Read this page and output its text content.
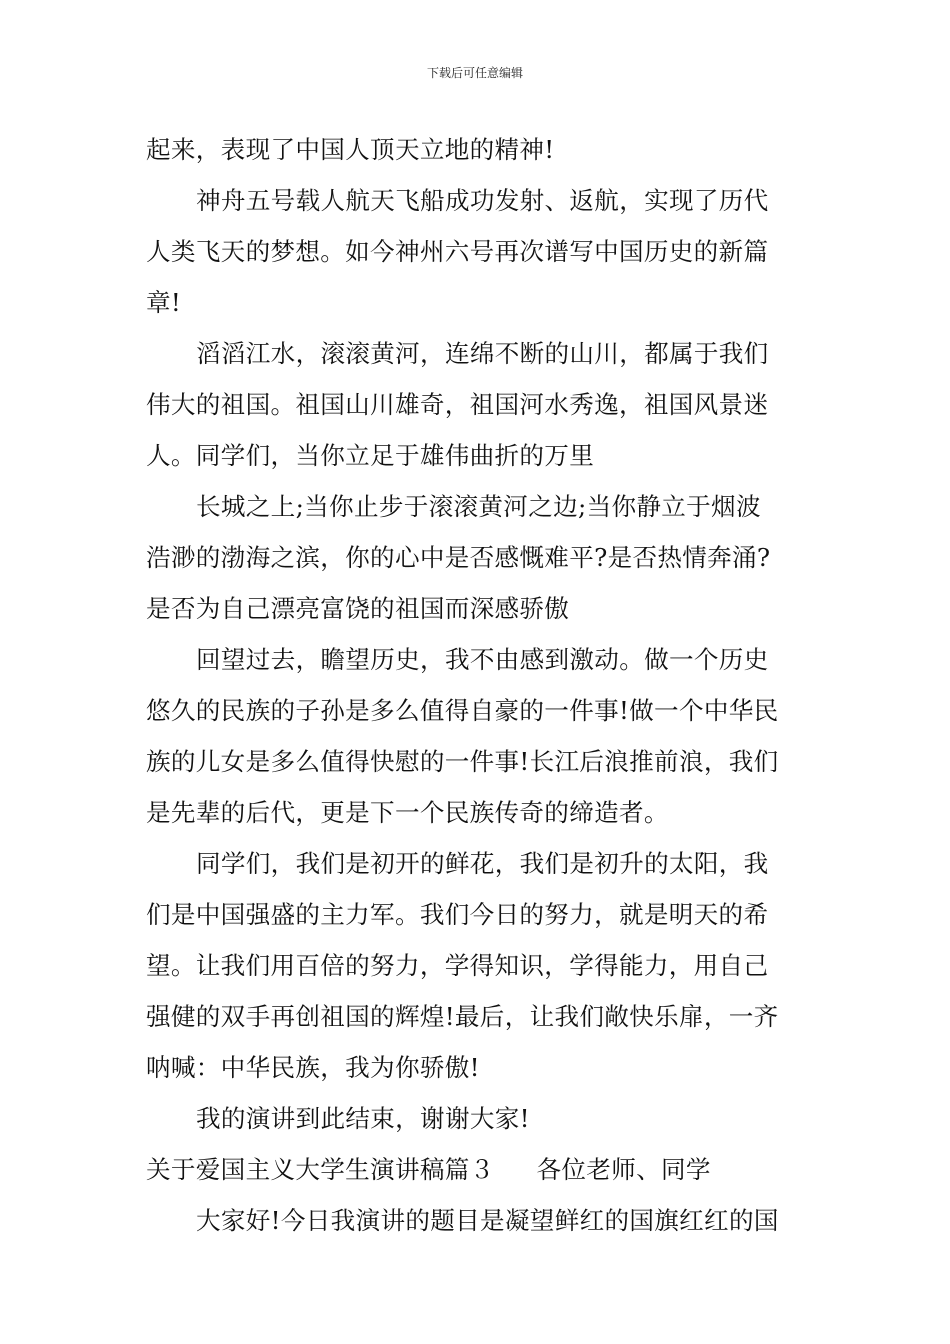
下载后可任意编辑
起来，表现了中国人顶天立地的精神!
神舟五号载人航天飞船成功发射、返航，实现了历代
人类飞天的梦想。如今神州六号再次谱写中国历史的新篇
章!
滔滔江水，滚滚黄河，连绵不断的山川，都属于我们
伟大的祖国。祖国山川雄奇，祖国河水秀逸，祖国风景迷
人。同学们，当你立足于雄伟曲折的万里
长城之上;当你止步于滚滚黄河之边;当你静立于烟波
浩渺的渤海之滨，你的心中是否感慨难平?是否热情奔涌?
是否为自己漂亮富饶的祖国而深感骄傲
回望过去，瞻望历史，我不由感到激动。做一个历史
悠久的民族的子孙是多么值得自豪的一件事!做一个中华民
族的儿女是多么值得快慰的一件事!长江后浪推前浪，我们
是先辈的后代，更是下一个民族传奇的缔造者。
同学们，我们是初开的鲜花，我们是初升的太阳，我
们是中国强盛的主力军。我们今日的努力，就是明天的希
望。让我们用百倍的努力，学得知识，学得能力，用自己
强健的双手再创祖国的辉煌!最后，让我们敞快乐扉，一齐
呐喊：中华民族，我为你骄傲!
我的演讲到此结束，谢谢大家!
关于爱国主义大学生演讲稿篇３ 各位老师、同学
大家好!今日我演讲的题目是凝望鲜红的国旗红红的国
